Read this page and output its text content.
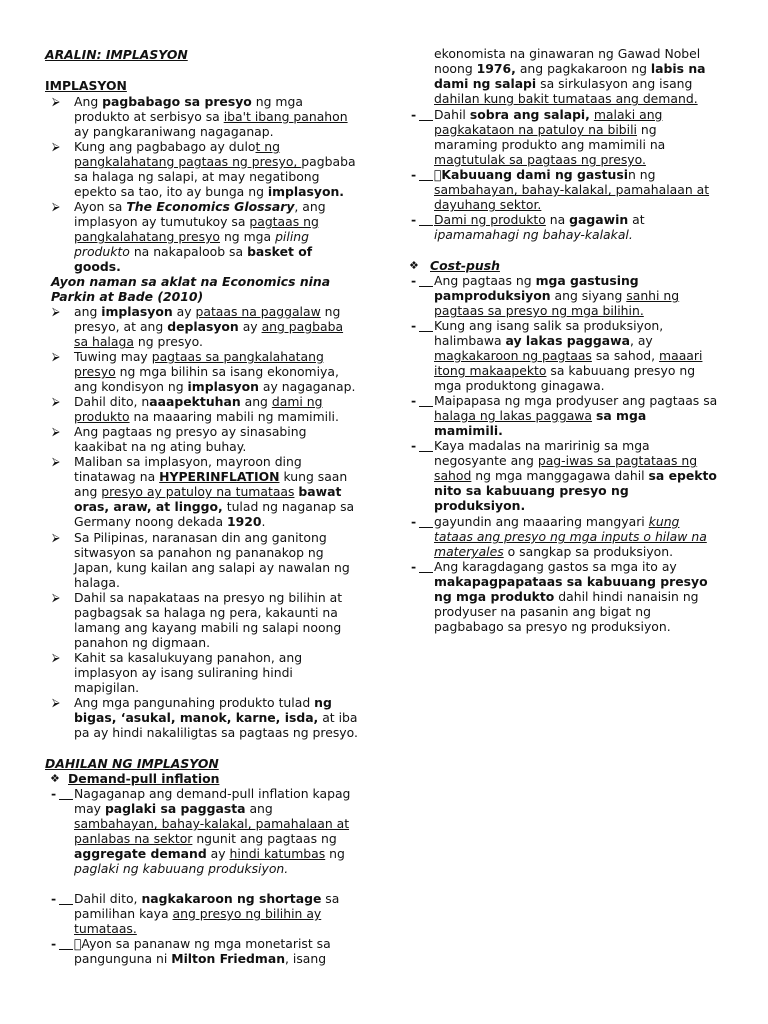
ARALIN: IMPLASYON
IMPLASYON
⮚ Ang pagbabago sa presyo ng mga
produkto at serbisyo sa iba't ibang panahon
ay pangkaraniwang nagaganap.
⮚ Kung ang pagbabago ay dulot ng
pangkalahatang pagtaas ng presyo, pagbaba
sa halaga ng salapi, at may negatibong
epekto sa tao, ito ay bunga ng implasyon.
⮚ Ayon sa The Economics Glossary, ang
implasyon ay tumutukoy sa pagtaas ng
pangkalahatang presyo ng mga piling
produkto na nakapaloob sa basket of
goods.
Ayon naman sa aklat na Economics nina
Parkin at Bade (2010)
⮚ ang implasyon ay pataas na paggalaw ng
presyo, at ang deplasyon ay ang pagbaba
sa halaga ng presyo.
⮚ Tuwing may pagtaas sa pangkalahatang
presyo ng mga bilihin sa isang ekonomiya,
ang kondisyon ng implasyon ay nagaganap.
⮚ Dahil dito, naaapektuhan ang dami ng
produkto na maaaring mabili ng mamimili.
⮚ Ang pagtaas ng presyo ay sinasabing
kaakibat na ng ating buhay.
⮚ Maliban sa implasyon, mayroon ding
tinatawag na HYPERINFLATION kung saan
ang presyo ay patuloy na tumataas bawat
oras, araw, at linggo, tulad ng naganap sa
Germany noong dekada 1920.
⮚ Sa Pilipinas, naranasan din ang ganitong
sitwasyon sa panahon ng pananakop ng
Japan, kung kailan ang salapi ay nawalan ng
halaga.
⮚ Dahil sa napakataas na presyo ng bilihin at
pagbagsak sa halaga ng pera, kakaunti na
lamang ang kayang mabili ng salapi noong
panahon ng digmaan.
⮚ Kahit sa kasalukuyang panahon, ang
implasyon ay isang suliraning hindi
mapigilan.
⮚ Ang mga pangunahing produkto tulad ng
bigas, ‘asukal, manok, karne, isda, at iba
pa ay hindi nakaliligtas sa pagtaas ng presyo.
DAHILAN NG IMPLASYON
❖ Demand-pull inflation
- Nagaganap ang demand-pull inflation kapag
may paglaki sa paggasta ang
sambahayan, bahay-kalakal, pamahalaan at
panlabas na sektor ngunit ang pagtaas ng
aggregate demand ay hindi katumbas ng
paglaki ng kabuuang produksiyon.
- Dahil dito, nagkakaroon ng shortage sa
pamilihan kaya ang presyo ng bilihin ay
tumataas.
- Ayon sa pananaw ng mga monetarist sa
pangunguna ni Milton Friedman, isang
ekonomista na ginawaran ng Gawad Nobel
noong 1976, ang pagkakaroon ng labis na
dami ng salapi sa sirkulasyon ang isang
dahilan kung bakit tumataas ang demand.
- Dahil sobra ang salapi, malaki ang
pagkakataon na patuloy na bibili ng
maraming produkto ang mamimili na
magtutulak sa pagtaas ng presyo.
- Kabuuang dami ng gastusin ng
sambahayan, bahay-kalakal, pamahalaan at
dayuhang sektor.
- Dami ng produkto na gagawin at
ipamamahagi ng bahay-kalakal.
❖ Cost-push
- Ang pagtaas ng mga gastusing
pamproduksiyon ang siyang sanhi ng
pagtaas sa presyo ng mga bilihin.
- Kung ang isang salik sa produksiyon,
halimbawa ay lakas paggawa, ay
magkakaroon ng pagtaas sa sahod, maaari
itong makaapekto sa kabuuang presyo ng
mga produktong ginagawa.
- Maipapasa ng mga prodyuser ang pagtaas sa
halaga ng lakas paggawa sa mga
mamimili.
- Kaya madalas na maririnig sa mga
negosyante ang pag-iwas sa pagtataas ng
sahod ng mga manggagawa dahil sa epekto
nito sa kabuuang presyo ng
produksiyon.
- gayundin ang maaaring mangyari kung
tataas ang presyo ng mga inputs o hilaw na
materyales o sangkap sa produksiyon.
- Ang karagdagang gastos sa mga ito ay
makapagpapataas sa kabuuang presyo
ng mga produkto dahil hindi nanaisin ng
prodyuser na pasanin ang bigat ng
pagbabago sa presyo ng produksiyon.
